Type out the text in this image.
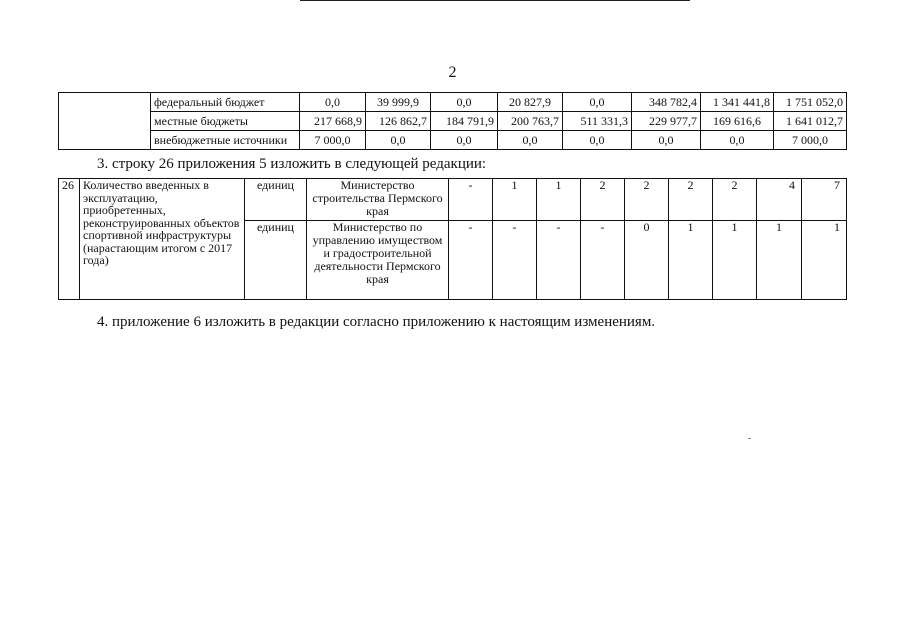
2
	федеральный бюджет	0,0	39 999,9	0,0	20 827,9	0,0	348 782,4	1 341 441,8	1 751 052,0
	местные бюджеты	217 668,9	126 862,7	184 791,9	200 763,7	511 331,3	229 977,7	169 616,6	1 641 012,7
	внебюджетные источники	7 000,0	0,0	0,0	0,0	0,0	0,0	0,0	7 000,0
3. строку 26 приложения 5 изложить в следующей редакции:
26	Количество введенных в эксплуатацию, приобретенных, реконструированных объектов спортивной инфраструктуры (нарастающим итогом с 2017 года)	единиц	Министерство строительства Пермского края	-	1	1	2	2	2	2	4	7
		единиц	Министерство по управлению имуществом и градостроительной деятельности Пермского края	-	-	-	-	0	1	1	1	1
4. приложение 6 изложить в редакции согласно приложению к настоящим изменениям.
